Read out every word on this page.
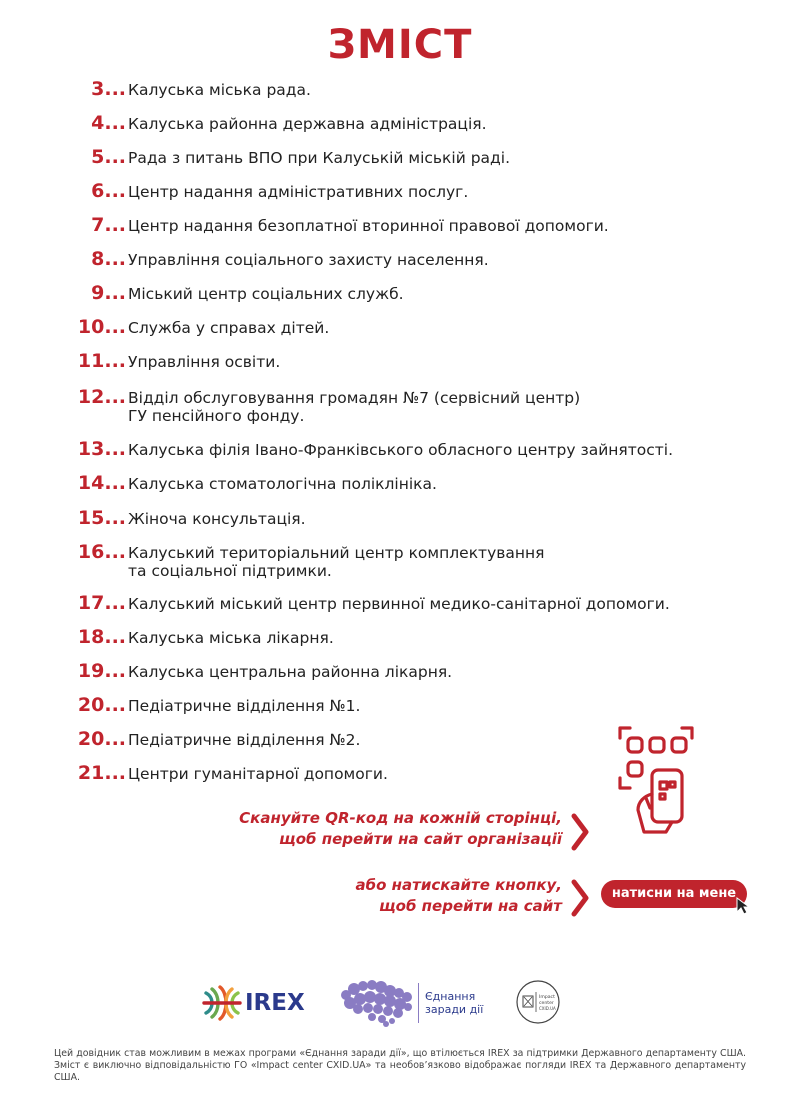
ЗМІСТ
3... Калуська міська рада.
4... Калуська районна державна адміністрація.
5... Рада з питань ВПО при Калуській міській раді.
6... Центр надання адміністративних послуг.
7... Центр надання безоплатної вторинної правової допомоги.
8... Управління соціального захисту населення.
9... Міський центр соціальних служб.
10... Служба у справах дітей.
11... Управління освіти.
12... Відділ обслуговування громадян №7 (сервісний центр)
ГУ пенсійного фонду.
13... Калуська філія Івано-Франківського обласного центру зайнятості.
14... Калуська стоматологічна поліклініка.
15... Жіноча консультація.
16... Калуський територіальний центр комплектування
та соціальної підтримки.
17... Калуський міський центр первинної медико-санітарної допомоги.
18... Калуська міська лікарня.
19... Калуська центральна районна лікарня.
20... Педіатричне відділення №1.
20... Педіатричне відділення №2.
21... Центри гуманітарної допомоги.
Скануйте QR-код на кожній сторінці,
щоб перейти на сайт організації
або натискайте кнопку,
щоб перейти на сайт
натисни на мене
IREX	Єднання
заради дії
Impact
center
CXID.UA
Цей довідник став можливим в межах програми «Єднання заради дії», що втілюється IREX за підтримки Державного департаменту США. Зміст є виключно відповідальністю ГО «Impact center CXID.UA» та необов’язково відображає погляди IREX та Державного департаменту США.
